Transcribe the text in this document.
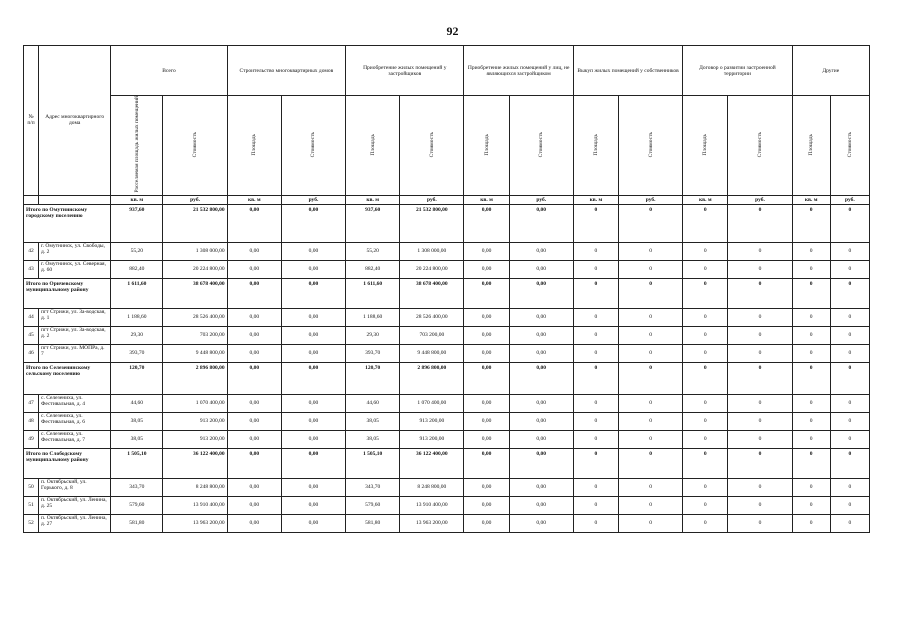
92
№ п/п	Адрес многоквартирного дома	Всего		Строительство многоквартирных домов		Приобретение жилых помещений у застройщиков		Приобретение жилых помещений у лиц, не являющихся застройщиком		Выкуп жилых помещений у собственников		Договор о развитии застроенной территории		Другие	
		Расселяемая площадь жилых помещений	Стоимость	Площадь	Стоимость	Площадь	Стоимость	Площадь	Стоимость	Площадь	Стоимость	Площадь	Стоимость	Площадь	Стоимость
		кв. м	руб.	кв. м	руб.	кв. м	руб.	кв. м	руб.	кв. м	руб.	кв. м	руб.	кв. м	руб.
Итого по Омутнинскому городскому поселению		937,60	21 532 800,00	0,00	0,00	937,60	21 532 800,00	0,00	0,00	0	0	0	0	0	0
42	г. Омутнинск, ул. Свободы, д. 2	55,20	1 308 000,00	0,00	0,00	55,20	1 308 000,00	0,00	0,00	0	0	0	0	0	0
43	г. Омутнинск, ул. Северная, д. 60	882,40	20 224 800,00	0,00	0,00	882,40	20 224 800,00	0,00	0,00	0	0	0	0	0	0
Итого по Оричевскому муниципальному району		1 611,60	38 678 400,00	0,00	0,00	1 611,60	38 678 400,00	0,00	0,00	0	0	0	0	0	0
44	пгт Стрижи, ул. За-водская, д. 1	1 188,60	28 526 400,00	0,00	0,00	1 188,60	28 526 400,00	0,00	0,00	0	0	0	0	0	0
45	пгт Стрижи, ул. За-водская, д. 2	29,30	703 200,00	0,00	0,00	29,30	703 200,00	0,00	0,00	0	0	0	0	0	0
46	пгт Стрижи, ул. МОПРа, д. 7	393,70	9 448 800,00	0,00	0,00	393,70	9 448 800,00	0,00	0,00	0	0	0	0	0	0
Итого по Селезенинскому сельскому поселению		120,70	2 896 800,00	0,00	0,00	120,70	2 896 800,00	0,00	0,00	0	0	0	0	0	0
47	с. Селезениха, ул. Фестивальная, д. 4	44,60	1 070 400,00	0,00	0,00	44,60	1 070 400,00	0,00	0,00	0	0	0	0	0	0
48	с. Селезениха, ул. Фестивальная, д. 6	38,05	913 200,00	0,00	0,00	38,05	913 200,00	0,00	0,00	0	0	0	0	0	0
49	с. Селезениха, ул. Фестивальная, д. 7	38,05	913 200,00	0,00	0,00	38,05	913 200,00	0,00	0,00	0	0	0	0	0	0
Итого по Слободскому муниципальному району		1 505,10	36 122 400,00	0,00	0,00	1 505,10	36 122 400,00	0,00	0,00	0	0	0	0	0	0
50	п. Октябрьский, ул. Горького, д. 8	343,70	8 248 800,00	0,00	0,00	343,70	8 248 800,00	0,00	0,00	0	0	0	0	0	0
51	п. Октябрьский, ул. Ленина, д. 25	579,60	13 910 400,00	0,00	0,00	579,60	13 910 400,00	0,00	0,00	0	0	0	0	0	0
52	п. Октябрьский, ул. Ленина, д. 27	581,80	13 963 200,00	0,00	0,00	581,80	13 963 200,00	0,00	0,00	0	0	0	0	0	0
